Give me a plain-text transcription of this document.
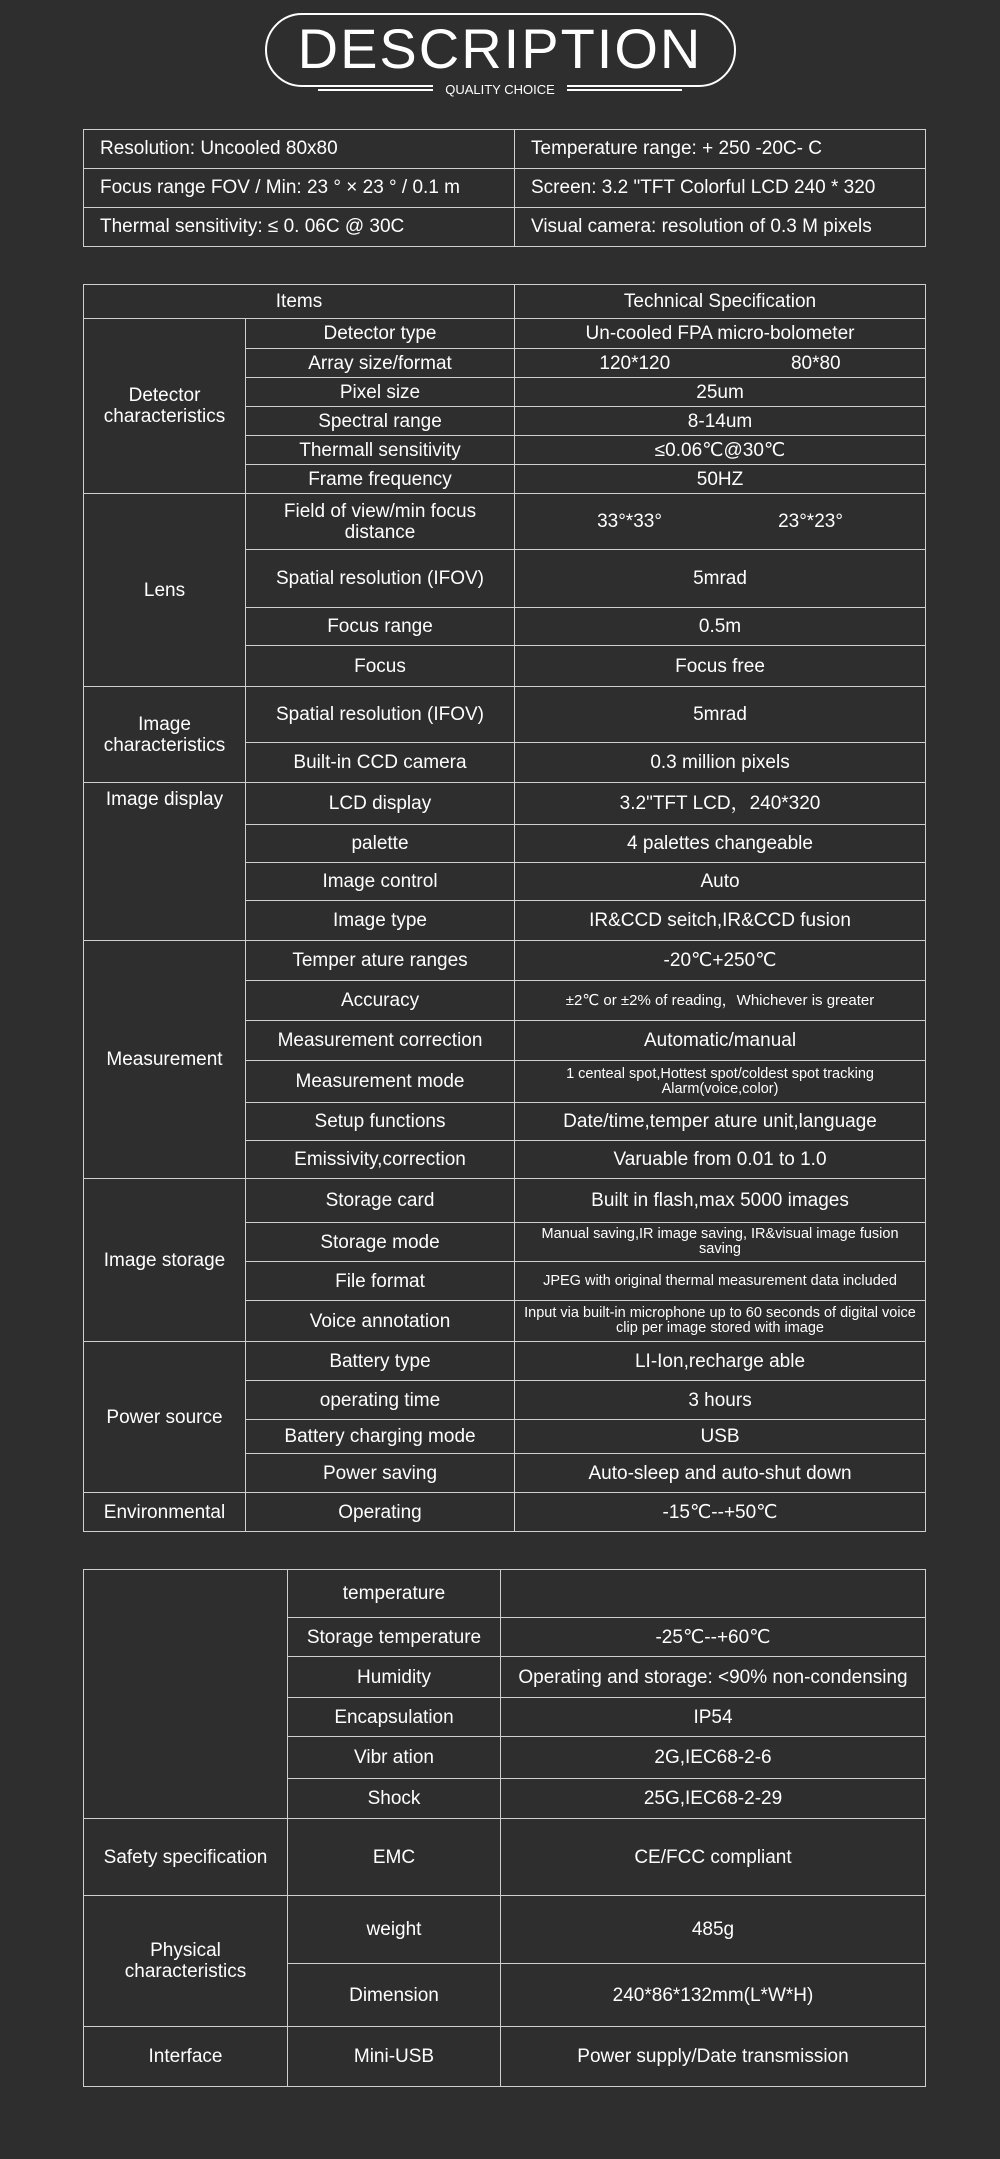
DESCRIPTION
QUALITY CHOICE
Resolution: Uncooled 80x80	Temperature range: + 250 -20C- C
Focus range FOV / Min: 23 ° × 23 ° / 0.1 m	Screen: 3.2 "TFT Colorful LCD 240 * 320
Thermal sensitivity: ≤ 0. 06C @ 30C	Visual camera: resolution of 0.3 M pixels
Items		Technical Specification
Detector characteristics	Detector type	Un-cooled FPA micro-bolometer
	Array size/format	120*120 80*80

	Pixel size	25um
	Spectral range	8-14um
	Thermall sensitivity	≤0.06℃@30℃
	Frame frequency	50HZ
Lens	Field of view/min focus distance	33°*33° 23°*23°

	Spatial resolution (IFOV)	5mrad
	Focus range	0.5m
	Focus	Focus free
Image characteristics	Spatial resolution (IFOV)	5mrad
	Built-in CCD camera	0.3 million pixels
Image display	LCD display	3.2"TFT LCD，240*320
	palette	4 palettes changeable
	Image control	Auto
	Image type	IR&CCD seitch,IR&CCD fusion
Measurement	Temper ature ranges	-20℃+250℃
	Accuracy	±2℃ or ±2% of reading，Whichever is greater
	Measurement correction	Automatic/manual
	Measurement mode	1 centeal spot,Hottest spot/coldest spot tracking Alarm(voice,color)
	Setup functions	Date/time,temper ature unit,language
	Emissivity,correction	Varuable from 0.01 to 1.0
Image storage	Storage card	Built in flash,max 5000 images
	Storage mode	Manual saving,IR image saving, IR&visual image fusion saving
	File format	JPEG with original thermal measurement data included
	Voice annotation	Input via built-in microphone up to 60 seconds of digital voice clip per image stored with image
Power source	Battery type	LI-Ion,recharge able
	operating time	3 hours
	Battery charging mode	USB
	Power saving	Auto-sleep and auto-shut down
Environmental	Operating	-15℃--+50℃
	temperature	
	Storage temperature	-25℃--+60℃
	Humidity	Operating and storage: <90% non-condensing
	Encapsulation	IP54
	Vibr ation	2G,IEC68-2-6
	Shock	25G,IEC68-2-29
Safety specification	EMC	CE/FCC compliant
Physical characteristics	weight	485g
	Dimension	240*86*132mm(L*W*H)
Interface	Mini-USB	Power supply/Date transmission
